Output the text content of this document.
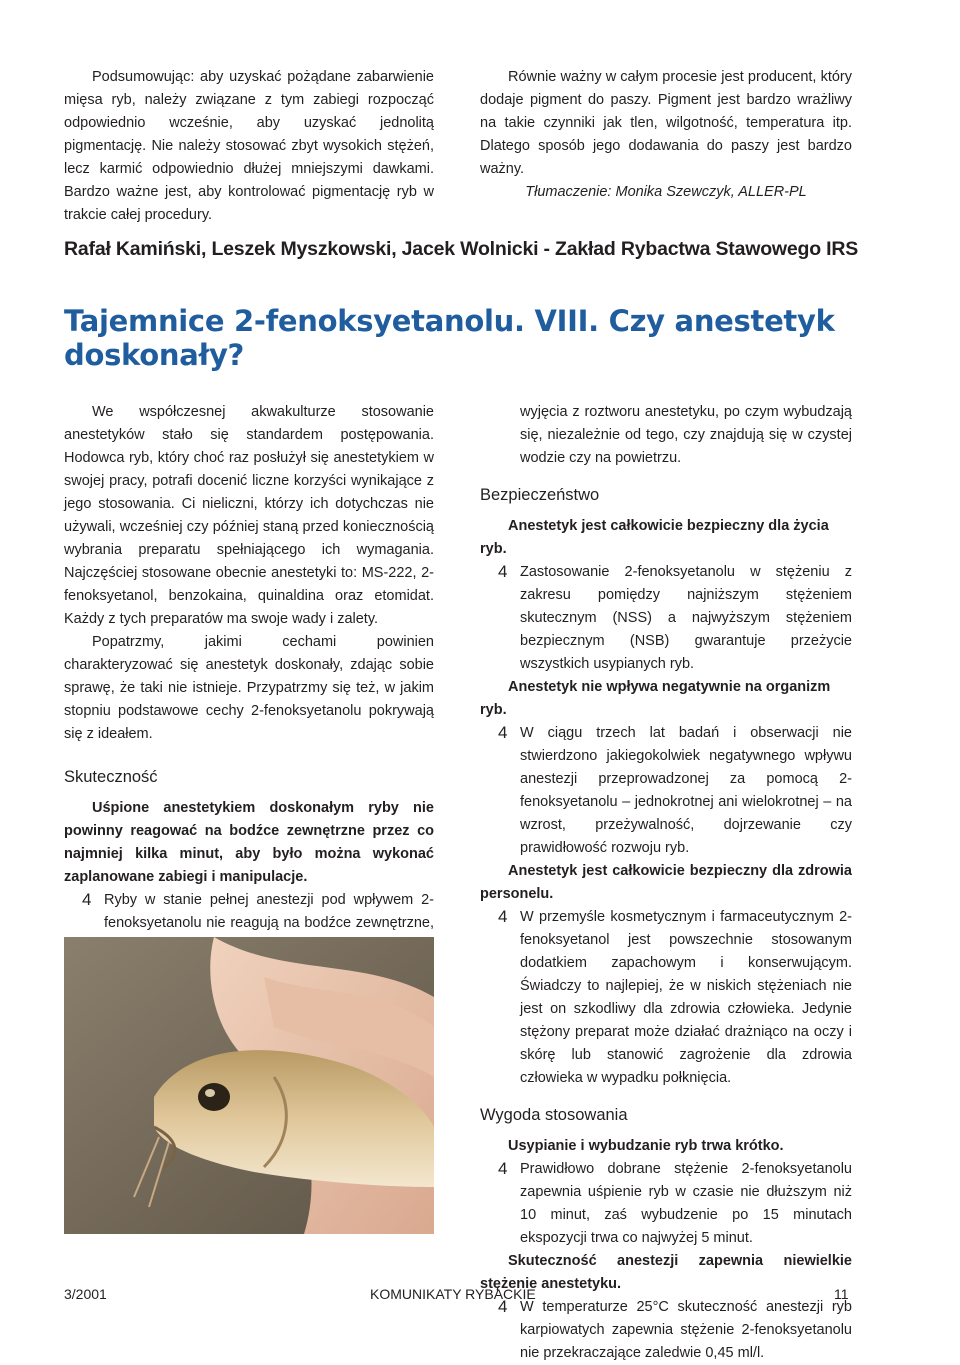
Podsumowując: aby uzyskać pożądane zabarwienie mięsa ryb, należy związane z tym zabiegi rozpocząć odpowiednio wcześnie, aby uzyskać jednolitą pigmentację. Nie należy stosować zbyt wysokich stężeń, lecz karmić odpowiednio dłużej mniejszymi dawkami. Bardzo ważne jest, aby kontrolować pigmentację ryb w trakcie całej procedury.

Równie ważny w całym procesie jest producent, który dodaje pigment do paszy. Pigment jest bardzo wrażliwy na takie czynniki jak tlen, wilgotność, temperatura itp. Dlatego sposób jego dodawania do paszy jest bardzo ważny.

Tłumaczenie: Monika Szewczyk, ALLER-PL

Rafał Kamiński, Leszek Myszkowski, Jacek Wolnicki - Zakład Rybactwa Stawowego IRS
Tajemnice 2-fenoksyetanolu. VIII. Czy anestetyk
doskonały?

We współczesnej akwakulturze stosowanie anestetyków stało się standardem postępowania. Hodowca ryb, który choć raz posłużył się anestetykiem w swojej pracy, potrafi docenić liczne korzyści wynikające z jego stosowania. Ci nieliczni, którzy ich dotychczas nie używali, wcześniej czy później staną przed koniecznością wybrania preparatu spełniającego ich wymagania. Najczęściej stosowane obecnie anestetyki to: MS-222, 2-fenoksyetanol, benzokaina, quinaldina oraz etomidat. Każdy z tych preparatów ma swoje wady i zalety.

Popatrzmy, jakimi cechami powinien charakteryzować się anestetyk doskonały, zdając sobie sprawę, że taki nie istnieje. Przypatrzmy się też, w jakim stopniu podstawowe cechy 2-fenoksyetanolu pokrywają się z ideałem.

Skuteczność

Uśpione anestetykiem doskonałym ryby nie powinny reagować na bodźce zewnętrzne przez co najmniej kilka minut, aby było można wykonać zaplanowane zabiegi i manipulacje.

4 Ryby w stanie pełnej anestezji pod wpływem 2-fenoksyetanolu nie reagują na bodźce zewnętrzne,
wyjęcia z roztworu anestetyku, po czym wybudzają się, niezależnie od tego, czy znajdują się w czystej wodzie czy na powietrzu.
Bezpieczeństwo

Anestetyk jest całkowicie bezpieczny dla życia ryb.

4 Zastosowanie 2-fenoksyetanolu w stężeniu z zakresu pomiędzy najniższym stężeniem skutecznym (NSS) a najwyższym stężeniem bezpiecznym (NSB) gwarantuje przeżycie wszystkich usypianych ryb.

Anestetyk nie wpływa negatywnie na organizm ryb.

4 W ciągu trzech lat badań i obserwacji nie stwierdzono jakiegokolwiek negatywnego wpływu anestezji przeprowadzonej za pomocą 2-fenoksyetanolu – jednokrotnej ani wielokrotnej – na wzrost, przeżywalność, dojrzewanie czy prawidłowość rozwoju ryb.

Anestetyk jest całkowicie bezpieczny dla zdrowia personelu.

4 W przemyśle kosmetycznym i farmaceutycznym 2-fenoksyetanol jest powszechnie stosowanym dodatkiem zapachowym i konserwującym. Świadczy to najlepiej, że w niskich stężeniach nie jest on szkodliwy dla zdrowia człowieka. Jedynie stężony preparat może działać drażniąco na oczy i skórę lub stanowić zagrożenie dla zdrowia człowieka w wypadku połknięcia.
Wygoda stosowania

Usypianie i wybudzanie ryb trwa krótko.

4 Prawidłowo dobrane stężenie 2-fenoksyetanolu zapewnia uśpienie ryb w czasie nie dłuższym niż 10 minut, zaś wybudzenie po 15 minutach ekspozycji trwa co najwyżej 5 minut.

Skuteczność anestezji zapewnia niewielkie stężenie anestetyku.

4 W temperaturze 25°C skuteczność anestezji ryb karpiowatych zapewnia stężenie 2-fenoksyetanolu nie przekraczające zaledwie 0,45 ml/l.
3/2001	KOMUNIKATY RYBACKIE	11
